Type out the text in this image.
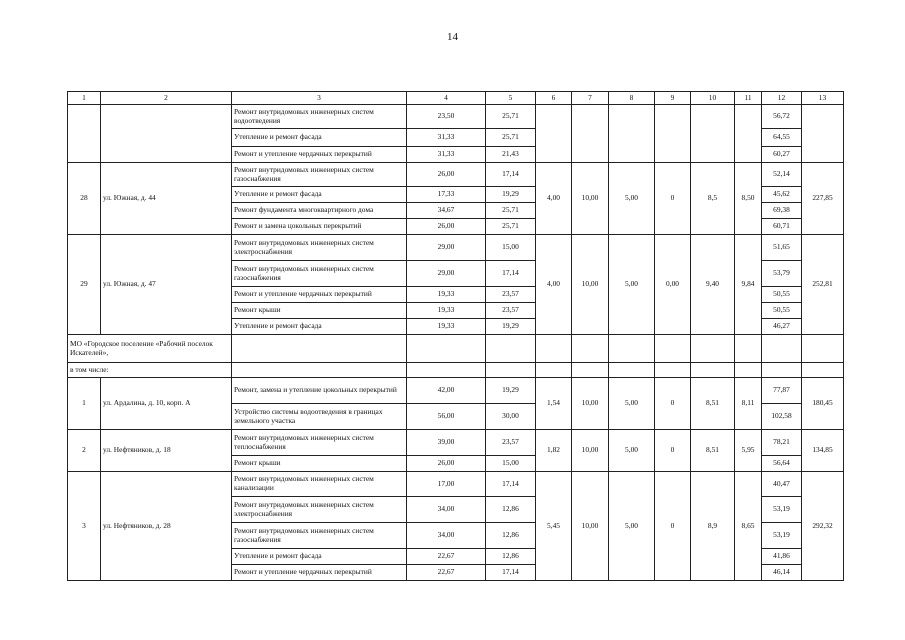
14
1	2	3	4	5	6	7	8	9	10	11	12	13
		Ремонт внутридомовых инженерных систем водоотведения	23,50	25,71							56,72	
		Утепление и ремонт фасада	31,33	25,71							64,55	
		Ремонт и утепление чердачных перекрытий	31,33	21,43							60,27	
28	ул. Южная, д. 44	Ремонт внутридомовых инженерных систем газоснабжения	26,00	17,14	4,00	10,00	5,00	0	8,5	8,50	52,14	227,85
		Утепление и ремонт фасада	17,33	19,29							45,62	
		Ремонт фундамента многоквартирного дома	34,67	25,71							69,38	
		Ремонт и замена цокольных перекрытий	26,00	25,71							60,71	
29	ул. Южная, д. 47	Ремонт внутридомовых инженерных систем электроснабжения	29,00	15,00	4,00	10,00	5,00	0,00	9,40	9,84	51,65	252,81
		Ремонт внутридомовых инженерных систем газоснабжения	29,00	17,14							53,79	
		Ремонт и утепление чердачных перекрытий	19,33	23,57							50,55	
		Ремонт крыши	19,33	23,57							50,55	
		Утепление и ремонт фасада	19,33	19,29							46,27	
МО «Городское поселение «Рабочий поселок Искателей»,												
в том числе:												
1	ул. Ардалина, д. 10, корп. А	Ремонт, замена и утепление цокольных перекрытий	42,00	19,29	1,54	10,00	5,00	0	8,51	8,11	77,87	180,45
		Устройство системы водоотведения в границах земельного участка	56,00	30,00							102,58	
2	ул. Нефтяников, д. 18	Ремонт внутридомовых инженерных систем теплоснабжения	39,00	23,57	1,82	10,00	5,00	0	8,51	5,95	78,21	134,85
		Ремонт крыши	26,00	15,00							56,64	
3	ул. Нефтяников, д. 28	Ремонт внутридомовых инженерных систем канализации	17,00	17,14	5,45	10,00	5,00	0	8,9	8,65	40,47	292,32
		Ремонт внутридомовых инженерных систем электроснабжения	34,00	12,86							53,19	
		Ремонт внутридомовых инженерных систем газоснабжения	34,00	12,86							53,19	
		Утепление и ремонт фасада	22,67	12,86							41,86	
		Ремонт и утепление чердачных перекрытий	22,67	17,14							46,14	
